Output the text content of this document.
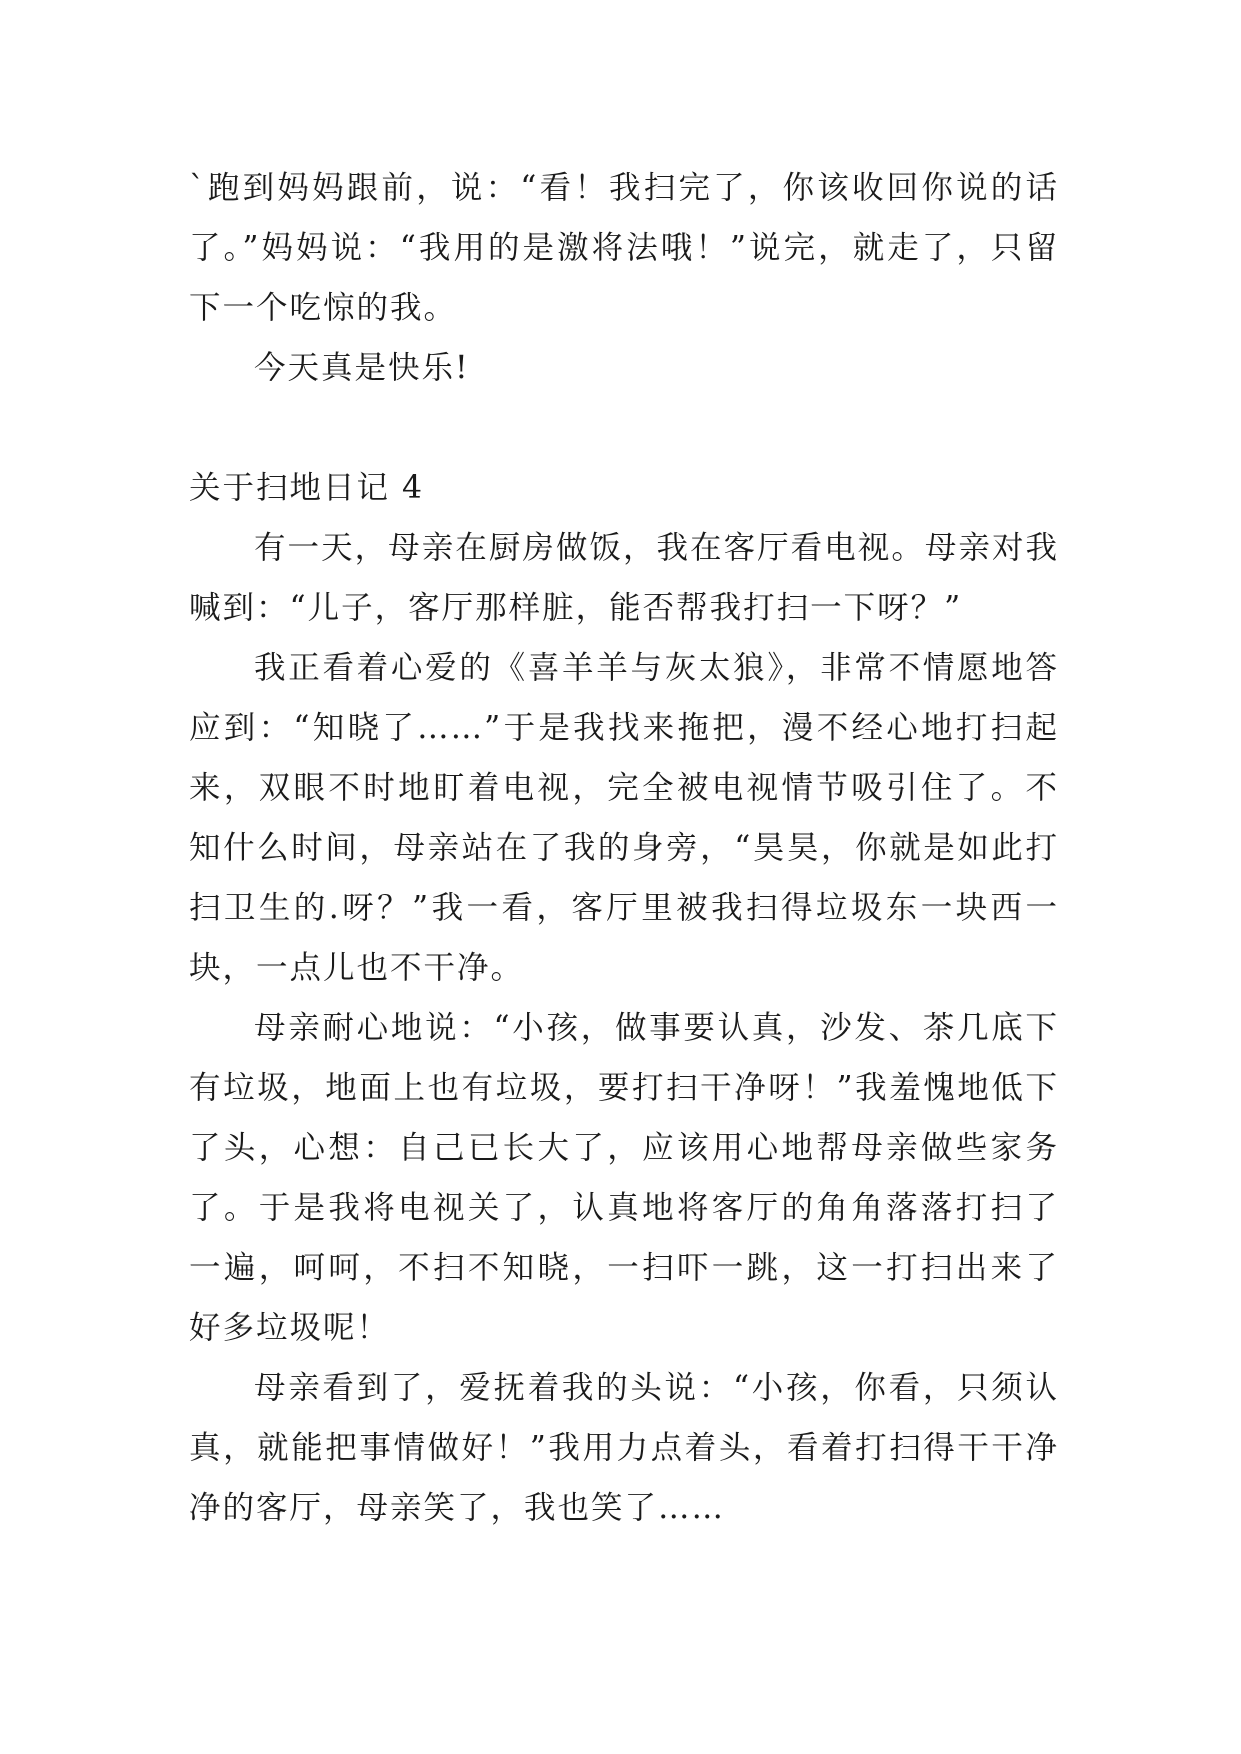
`跑到妈妈跟前，说：“看！我扫完了，你该收回你说的话了。”妈妈说：“我用的是激将法哦！”说完，就走了，只留下一个吃惊的我。

今天真是快乐!

关于扫地日记 4

有一天，母亲在厨房做饭，我在客厅看电视。母亲对我喊到：“儿子，客厅那样脏，能否帮我打扫一下呀？”

我正看着心爱的《喜羊羊与灰太狼》，非常不情愿地答应到：“知晓了……”于是我找来拖把，漫不经心地打扫起来，双眼不时地盯着电视，完全被电视情节吸引住了。不知什么时间，母亲站在了我的身旁，“昊昊，你就是如此打扫卫生的.呀？”我一看，客厅里被我扫得垃圾东一块西一块，一点儿也不干净。

母亲耐心地说：“小孩，做事要认真，沙发、茶几底下有垃圾，地面上也有垃圾，要打扫干净呀！”我羞愧地低下了头，心想：自己已长大了，应该用心地帮母亲做些家务了。于是我将电视关了，认真地将客厅的角角落落打扫了一遍，呵呵，不扫不知晓，一扫吓一跳，这一打扫出来了好多垃圾呢！

母亲看到了，爱抚着我的头说：“小孩，你看，只须认真，就能把事情做好！”我用力点着头，看着打扫得干干净净的客厅，母亲笑了，我也笑了……
